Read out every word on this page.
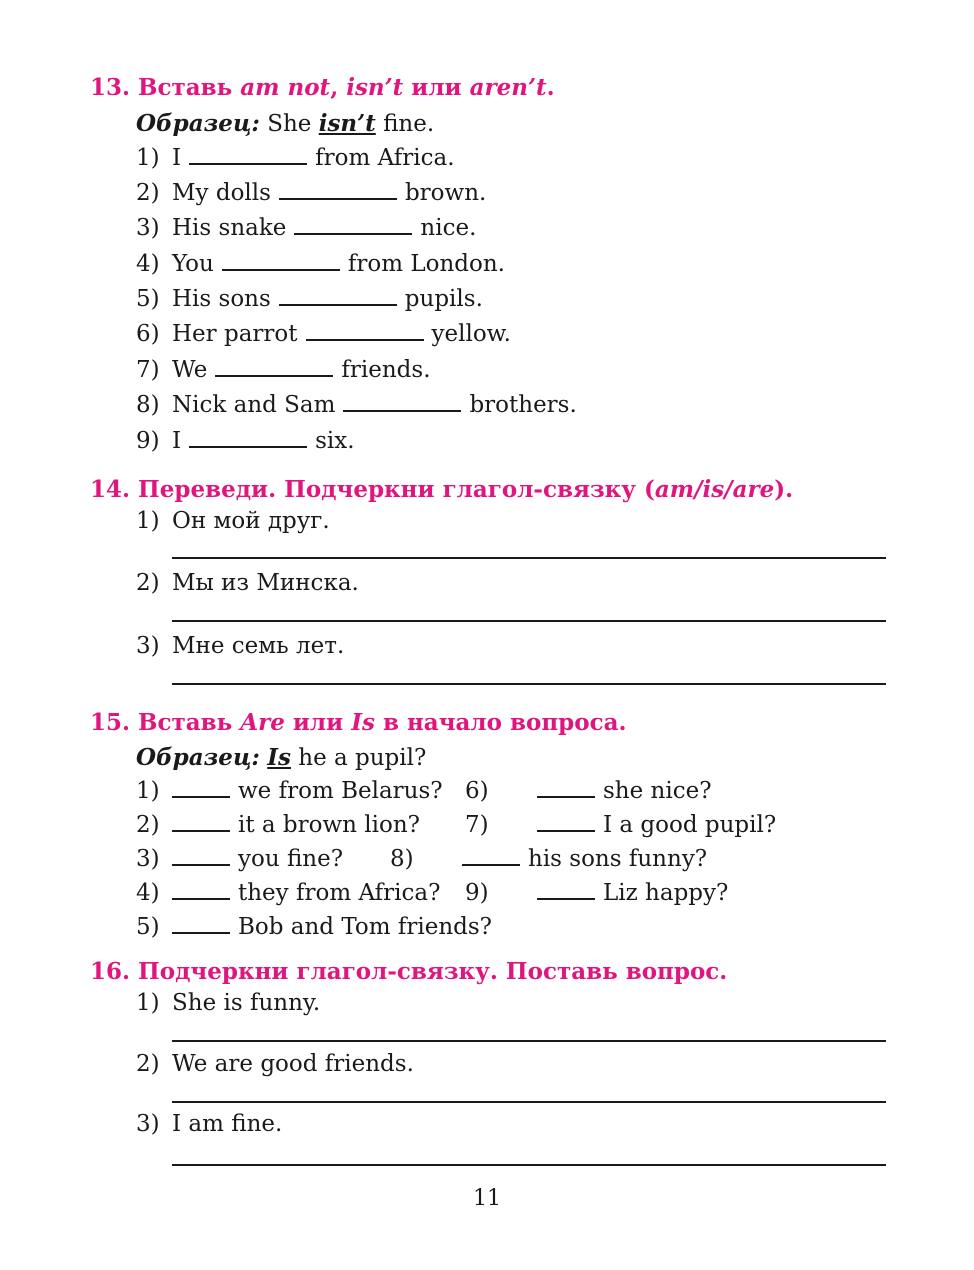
13. Вставь am not, isn’t или aren’t.
Образец: She isn’t fine.
1) I	from Africa.
2) My dolls	brown.
3) His snake	nice.
4) You	from London.
5) His sons	pupils.
6) Her parrot	yellow.
7) We	friends.
8) Nick and Sam	brothers.
9) I	six.
14. Переведи. Подчеркни глагол-связку (am/is/are).
1) Он мой друг.
2) Мы из Минска.
3) Мне семь лет.
15. Вставь Are или Is в начало вопроса.
Образец: Is he a pupil?
1)	we from Belarus?
2)	it a brown lion?
3)	you fine?
4)	they from Africa?
5)	Bob and Tom friends?
6)	she nice?
7)	I a good pupil?
8)	his sons funny?
9)	Liz happy?
16. Подчеркни глагол-связку. Поставь вопрос.
1) She is funny.
2) We are good friends.
3) I am fine.
11
